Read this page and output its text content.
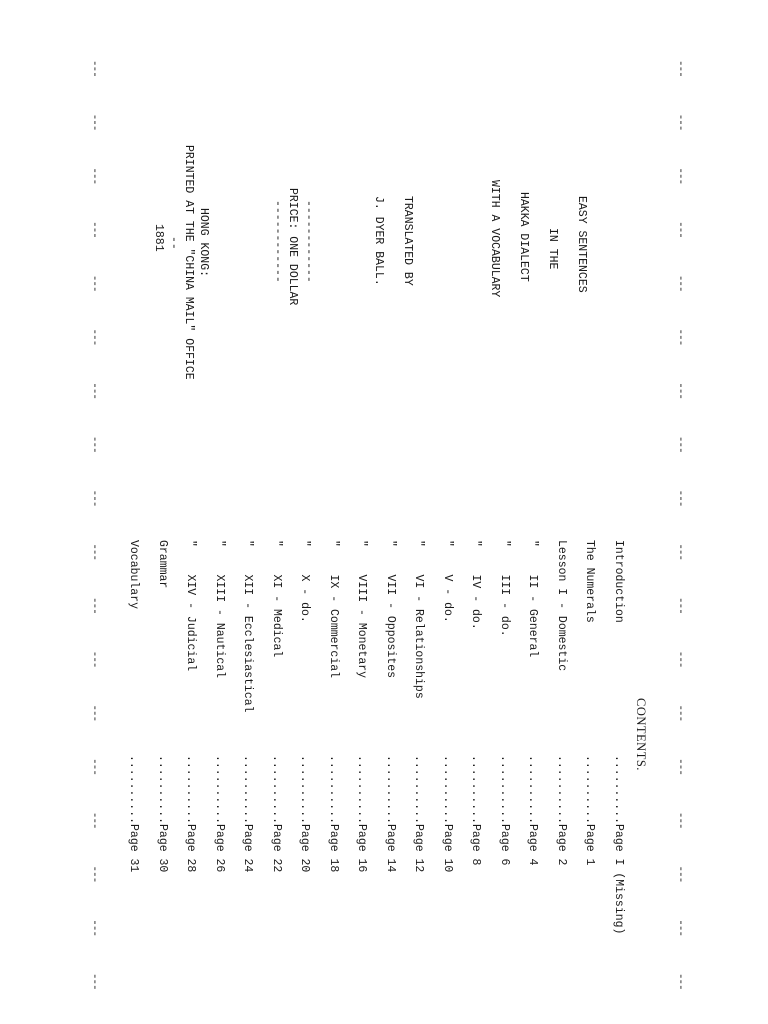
---
---
---
---
---
---
---
---
---
---
---
---
---
---
---
---
---
---
EASY SENTENCES
IN THE
HAKKA DIALECT
WITH A VOCABULARY
TRANSLATED BY
J. DYER BALL.
------------
PRICE: ONE DOLLAR
------------
HONG KONG:
PRINTED AT THE "CHINA MAIL" OFFICE
--
1881
CONTENTS.
Introduction
..........Page I (Missing)
The Numerals
..........Page 1
Lesson I - Domestic
..........Page 2
"    II - General
..........Page 4
"    III - do.
..........Page 6
"    IV - do.
..........Page 8
"    V - do.
..........Page 10
"    VI - Relationships
..........Page 12
"    VII - Opposites
..........Page 14
"    VIII - Monetary
..........Page 16
"    IX - Commercial
..........Page 18
"    X - do.
..........Page 20
"    XI - Medical
..........Page 22
"    XII - Ecclesiastical
..........Page 24
"    XIII - Nautical
..........Page 26
"    XIV - Judicial
..........Page 28
Grammar
..........Page 30
Vocabulary
..........Page 31
---
---
---
---
---
---
---
---
---
---
---
---
---
---
---
---
---
---
